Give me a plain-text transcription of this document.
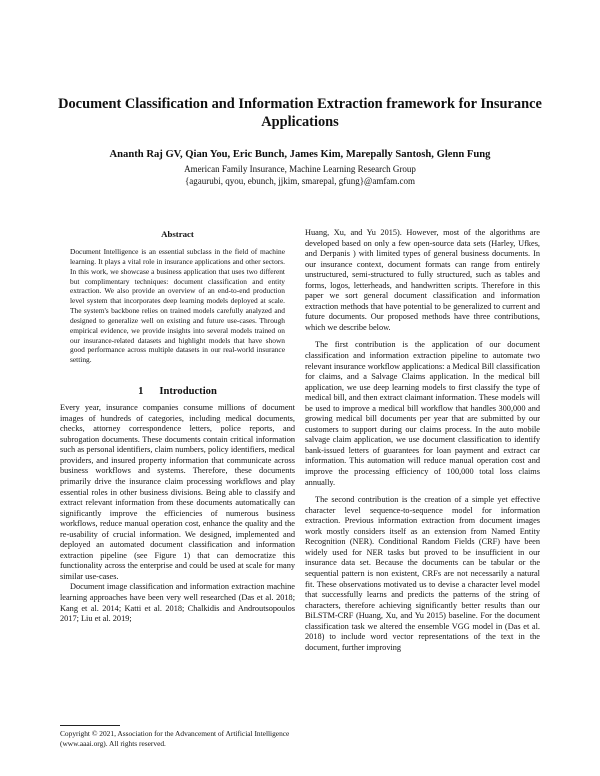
Document Classification and Information Extraction framework for Insurance
Applications
Ananth Raj GV, Qian You, Eric Bunch, James Kim, Marepally Santosh, Glenn Fung
American Family Insurance, Machine Learning Research Group
{agaurubi, qyou, ebunch, jjkim, smarepal, gfung}@amfam.com
Abstract

Document Intelligence is an essential subclass in the field of machine learning. It plays a vital role in insurance applications and other sectors. In this work, we showcase a business application that uses two different but complimentary techniques: document classification and entity extraction. We also provide an overview of an end-to-end production level system that incorporates deep learning models deployed at scale. The system's backbone relies on trained models carefully analyzed and designed to generalize well on existing and future use-cases. Through empirical evidence, we provide insights into several models trained on our insurance-related datasets and highlight models that have shown good performance across multiple datasets in our real-world insurance setting.

1      Introduction

Every year, insurance companies consume millions of document images of hundreds of categories, including medical documents, checks, attorney correspondence letters, police reports, and subrogation documents. These documents contain critical information such as personal identifiers, claim numbers, policy identifiers, medical providers, and insured property information that communicate across business workflows and systems. Therefore, these documents primarily drive the insurance claim processing workflows and play essential roles in other business divisions. Being able to classify and extract relevant information from these documents automatically can significantly improve the efficiencies of numerous business workflows, reduce manual operation cost, enhance the quality and the re-usability of crucial information. We designed, implemented and deployed an automated document classification and information extraction pipeline (see Figure 1) that can democratize this functionality across the enterprise and could be used at scale for many similar use-cases.

Document image classification and information extraction machine learning approaches have been very well researched (Das et al. 2018; Kang et al. 2014; Katti et al. 2018; Chalkidis and Androutsopoulos 2017; Liu et al. 2019;

Copyright © 2021, Association for the Advancement of Artificial Intelligence (www.aaai.org). All rights reserved.

Huang, Xu, and Yu 2015). However, most of the algorithms are developed based on only a few open-source data sets (Harley, Ufkes, and Derpanis ) with limited types of general business documents. In our insurance context, document formats can range from entirely unstructured, semi-structured to fully structured, such as tables and forms, logos, letterheads, and handwritten scripts. Therefore in this paper we sort general document classification and information extraction methods that have potential to be generalized to current and future documents. Our proposed methods have three contributions, which we describe below.

The first contribution is the application of our document classification and information extraction pipeline to automate two relevant insurance workflow applications: a Medical Bill classification for claims, and a Salvage Claims application. In the medical bill application, we use deep learning models to first classify the type of medical bill, and then extract claimant information. These models will be used to improve a medical bill workflow that handles 300,000 and growing medical bill documents per year that are submitted by our customers to support during our claims process. In the auto mobile salvage claim application, we use document classification to identify bank-issued letters of guarantees for loan payment and extract car information. This automation will reduce manual operation cost and improve the processing efficiency of 100,000 total loss claims annually.

The second contribution is the creation of a simple yet effective character level sequence-to-sequence model for information extraction. Previous information extraction from document images work mostly considers itself as an extension from Named Entity Recognition (NER). Conditional Random Fields (CRF) have been widely used for NER tasks but proved to be insufficient in our insurance data set. Because the documents can be tabular or the sequential pattern is non existent, CRFs are not necessarily a natural fit. These observations motivated us to devise a character level model that successfully learns and predicts the patterns of the string of characters, therefore achieving significantly better results than our BiLSTM-CRF (Huang, Xu, and Yu 2015) baseline. For the document classification task we altered the ensemble VGG model in (Das et al. 2018) to include word vector representations of the text in the document, further improving
